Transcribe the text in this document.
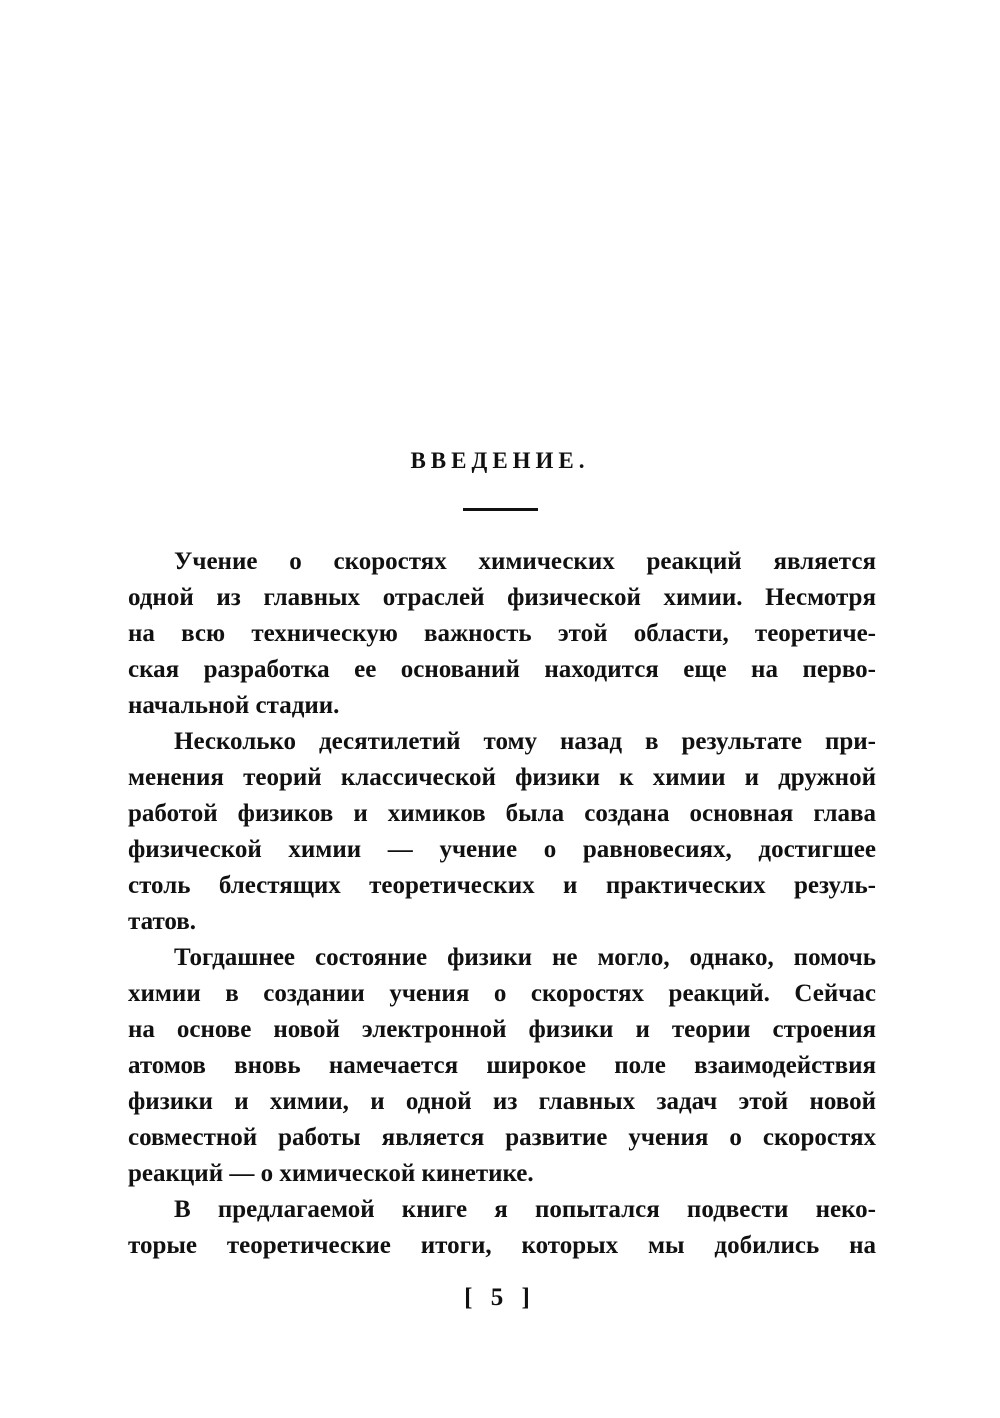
ВВЕДЕНИЕ.
Учение о скоростях химических реакций является
одной из главных отраслей физической химии. Несмотря
на всю техническую важность этой области, теоретиче-
ская разработка ее оснований находится еще на перво-
начальной стадии.
Несколько десятилетий тому назад в результате при-
менения теорий классической физики к химии и дружной
работой физиков и химиков была создана основная глава
физической химии — учение о равновесиях, достигшее
столь блестящих теоретических и практических резуль-
татов.
Тогдашнее состояние физики не могло, однако, помочь
химии в создании учения о скоростях реакций. Сейчас
на основе новой электронной физики и теории строения
атомов вновь намечается широкое поле взаимодействия
физики и химии, и одной из главных задач этой новой
совместной работы является развитие учения о скоростях
реакций — о химической кинетике.
В предлагаемой книге я попытался подвести неко-
торые теоретические итоги, которых мы добились на
[ 5 ]
